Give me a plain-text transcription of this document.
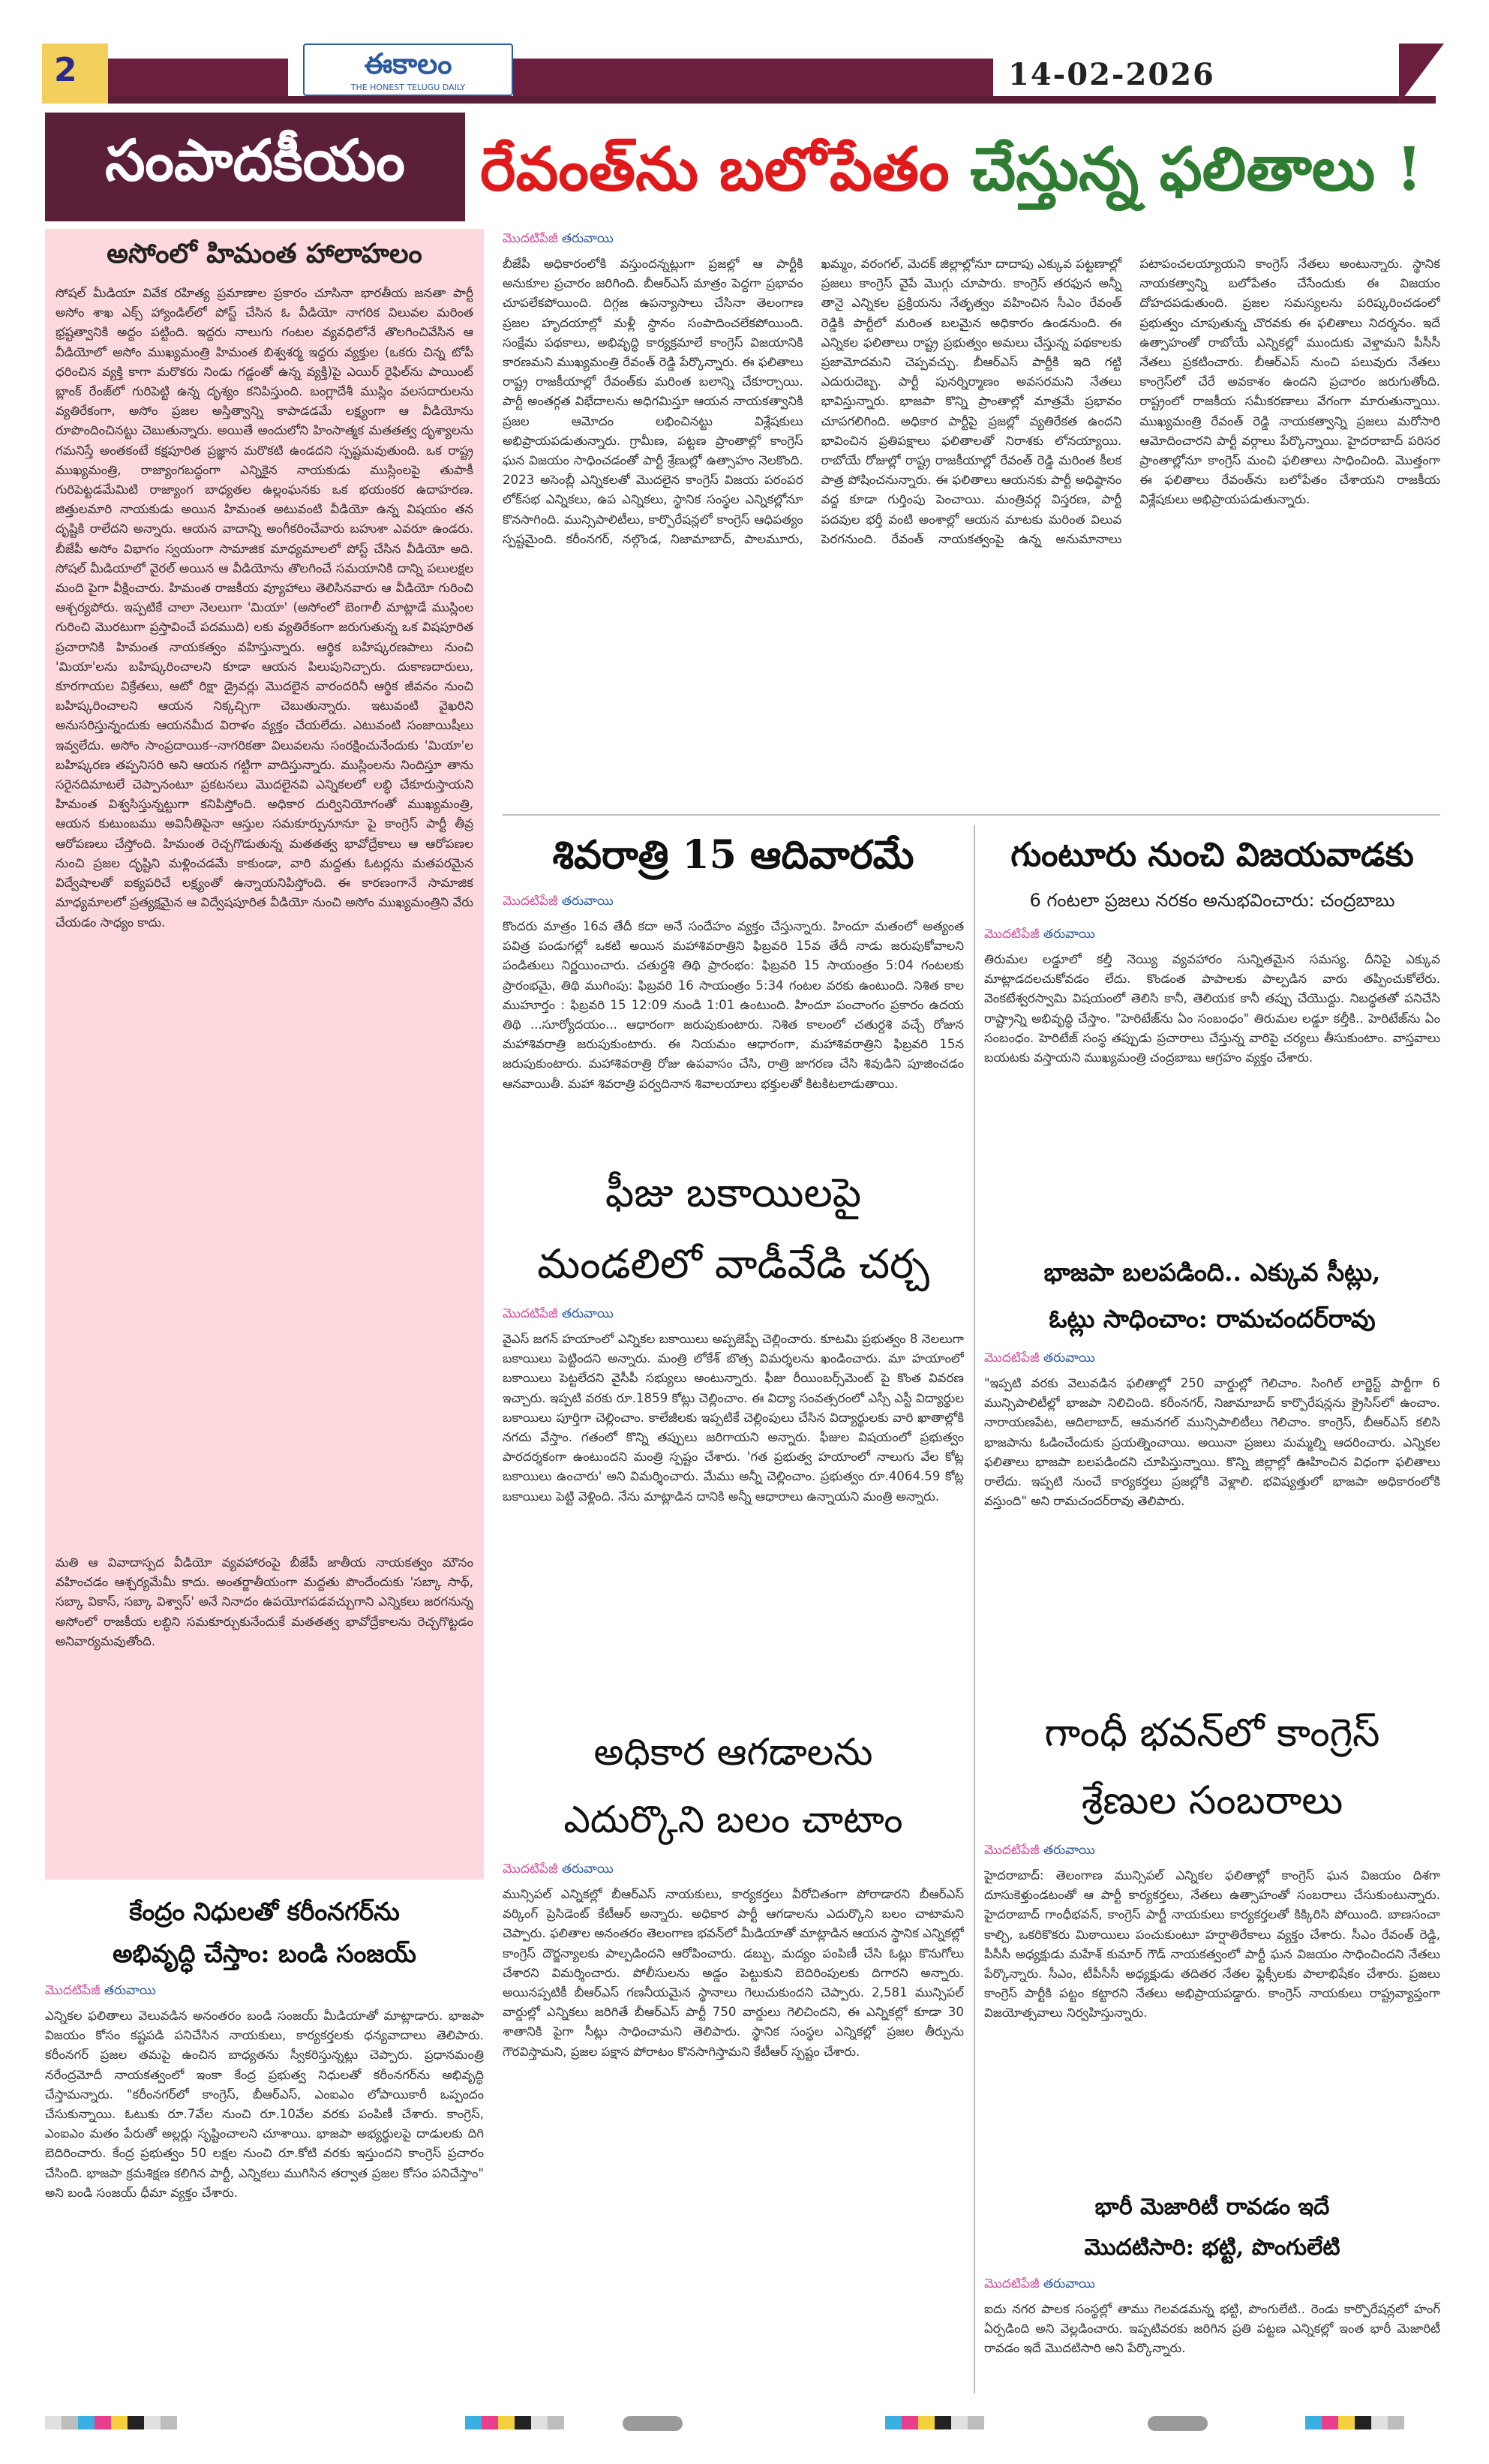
2	ఈకాలం
THE HONEST TELUGU DAILY	14-02-2026
సంపాదకీయం రేవంత్‌ను బలోపేతం చేస్తున్న ఫలితాలు !
అసోంలో హిమంత హాలాహలం
సోషల్ మీడియా వివేక రహిత్య ప్రమాణాల ప్రకారం చూసినా భారతీయ జనతా పార్టీ అసోం శాఖ ఎక్స్ హ్యాండిల్‌లో పోస్ట్ చేసిన ఓ వీడియో నాగరిక విలువల మరింత భ్రష్టత్వానికి అద్దం పట్టింది. ఇద్దరు నాలుగు గంటల వ్యవధిలోనే తొలగించివేసిన ఆ వీడియోలో అసోం ముఖ్యమంత్రి హిమంత బిశ్వశర్మ ఇద్దరు వ్యక్తుల (ఒకరు చిన్న టోపీ ధరించిన వ్యక్తి కాగా మరొకరు నిండు గడ్డంతో ఉన్న వ్యక్తి)పై ఎయిర్ రైఫిల్‌ను పాయింట్ బ్లాంక్ రేంజ్‌లో గురిపెట్టి ఉన్న దృశ్యం కనిపిస్తుంది. బంగ్లాదేశీ ముస్లిం వలసదారులను వ్యతిరేకంగా, అసోం ప్రజల అస్తిత్వాన్ని కాపాడడమే లక్ష్యంగా ఆ వీడియోను రూపొందించినట్టు చెబుతున్నారు. అయితే అందులోని హింసాత్మక మతతత్వ దృశ్యాలను గమనిస్తే అంతకంటే కక్షపూరిత ప్రజ్ఞాన మరొకటి ఉండదని స్పష్టమవుతుంది. ఒక రాష్ట్ర ముఖ్యమంత్రి, రాజ్యాంగబద్ధంగా ఎన్నికైన నాయకుడు ముస్లింలపై తుపాకీ గురిపెట్టడమేమిటి రాజ్యాంగ బాధ్యతల ఉల్లంఘనకు ఒక భయంకర ఉదాహరణ. జిత్తులమారి నాయకుడు అయిన హిమంత అటువంటి వీడియో ఉన్న విషయం తన దృష్టికి రాలేదని అన్నారు. ఆయన వాదాన్ని అంగీకరించేవారు బహుశా ఎవరూ ఉండరు. బీజేపీ అసోం విభాగం స్వయంగా సామాజిక మాధ్యమాలలో పోస్ట్ చేసిన వీడియో అది. సోషల్ మీడియాలో వైరల్ అయిన ఆ వీడియోను తొలగించే సమయానికి దాన్ని పలులక్షల మంది పైగా వీక్షించారు. హిమంత రాజకీయ వ్యూహాలు తెలిసినవారు ఆ వీడియో గురించి ఆశ్చర్యపోరు. ఇప్పటికే చాలా నెలలుగా 'మియా' (అసోంలో బెంగాలీ మాట్లాడే ముస్లింల గురించి మొరటుగా ప్రస్తావించే పదముది) లకు వ్యతిరేకంగా జరుగుతున్న ఒక విషపూరిత ప్రచారానికి హిమంత నాయకత్వం వహిస్తున్నారు. ఆర్థిక బహిష్కరణపాలు నుంచి 'మియా'లను బహిష్కరించాలని కూడా ఆయన పిలుపునిచ్చారు. దుకాణదారులు, కూరగాయల విక్రేతలు, ఆటో రిక్షా డ్రైవర్లు మొదలైన వారందరినీ ఆర్థిక జీవనం నుంచి బహిష్కరించాలని ఆయన నిక్కచ్చిగా చెబుతున్నారు. ఇటువంటి వైఖరిని అనుసరిస్తున్నందుకు ఆయనమీద విరాళం వ్యక్తం చేయలేదు. ఎటువంటి సంజాయిషీలు ఇవ్వలేదు. అసోం సాంప్రదాయిక--నాగరికతా విలువలను సంరక్షించునేందుకు 'మియా'ల బహిష్కరణ తప్పనిసరి అని ఆయన గట్టిగా వాదిస్తున్నారు. ముస్లింలను నిందిస్తూ తాను సరైనదిమాటలే చెప్పానంటూ ప్రకటనలు మొదలైనవి ఎన్నికలలో లబ్ధి చేకూరుస్తాయని హిమంత విశ్వసిస్తున్నట్టుగా కనిపిస్తోంది. అధికార దుర్వినియోగంతో ముఖ్యమంత్రి, ఆయన కుటుంబము అవినీతిపైనా ఆస్తుల సమకూర్పునూనూ పై కాంగ్రెస్ పార్టీ తీవ్ర ఆరోపణలు చేస్తోంది. హిమంత రెచ్చగొడుతున్న మతతత్వ భావోద్రేకాలు ఆ ఆరోపణల నుంచి ప్రజల దృష్టిని మళ్లించడమే కాకుండా, వారి మద్దతు ఓటర్లను మతపరమైన విద్వేషాలతో ఐక్యపరిచే లక్ష్యంతో ఉన్నాయనిపిస్తోంది. ఈ కారణంగానే సామాజిక మాధ్యమాలలో ప్రత్యక్షమైన ఆ విద్వేషపూరిత వీడియో నుంచి అసోం ముఖ్యమంత్రిని వేరు చేయడం సాధ్యం కాదు.
మతి ఆ వివాదాస్పద వీడియో వ్యవహారంపై బీజేపీ జాతీయ నాయకత్వం మౌనం వహించడం ఆశ్చర్యమేమీ కాదు. అంతర్జాతీయంగా మద్దతు పొందేందుకు 'సబ్కా సాథ్, సబ్కా వికాస్, సబ్కా విశ్వాస్' అనే నినాదం ఉపయోగపడవచ్చుగాని ఎన్నికలు జరగనున్న అసోంలో రాజకీయ లబ్ధిని సమకూర్చుకునేందుకే మతతత్వ భావోద్రేకాలను రెచ్చగొట్టడం అనివార్యమవుతోంది.
కేంద్రం నిధులతో కరీంనగర్‌ను
అభివృద్ధి చేస్తాం: బండి సంజయ్
మొదటిపేజీ తరువాయి
ఎన్నికల ఫలితాలు వెలువడిన అనంతరం బండి సంజయ్ మీడియాతో మాట్లాడారు. భాజపా విజయం కోసం కష్టపడి పనిచేసిన నాయకులు, కార్యకర్తలకు ధన్యవాదాలు తెలిపారు. కరీంనగర్ ప్రజల తమపై ఉంచిన బాధ్యతను స్వీకరిస్తున్నట్లు చెప్పారు. ప్రధానమంత్రి నరేంద్రమోదీ నాయకత్వంలో ఇంకా కేంద్ర ప్రభుత్వ నిధులతో కరీంనగర్‌ను అభివృద్ధి చేస్తామన్నారు. "కరీంనగర్‌లో కాంగ్రెస్, బీఆర్ఎస్, ఎంఐఎం లోపాయికారీ ఒప్పందం చేసుకున్నాయి. ఓటుకు రూ.7వేల నుంచి రూ.10వేల వరకు పంపిణీ చేశారు. కాంగ్రెస్, ఎంఐఎం మతం పేరుతో అల్లర్లు సృష్టించాలని చూశాయి. భాజపా అభ్యర్థులపై దాడులకు దిగి బెదిరించారు. కేంద్ర ప్రభుత్వం 50 లక్షల నుంచి రూ.కోటి వరకు ఇస్తుందని కాంగ్రెస్ ప్రచారం చేసింది. భాజపా క్రమశిక్షణ కలిగిన పార్టీ, ఎన్నికలు ముగిసిన తర్వాత ప్రజల కోసం పనిచేస్తాం" అని బండి సంజయ్ ధీమా వ్యక్తం చేశారు.
మొదటిపేజీ తరువాయి
బీజేపీ అధికారంలోకి వస్తుందన్నట్లుగా ప్రజల్లో ఆ పార్టీకి అనుకూల ప్రచారం జరిగింది. బీఆర్ఎస్ మాత్రం పెద్దగా ప్రభావం చూపలేకపోయింది. దిగ్గజ ఉపన్యాసాలు చేసినా తెలంగాణ ప్రజల హృదయాల్లో మళ్లీ స్థానం సంపాదించలేకపోయింది. సంక్షేమ పథకాలు, అభివృద్ధి కార్యక్రమాలే కాంగ్రెస్ విజయానికి కారణమని ముఖ్యమంత్రి రేవంత్ రెడ్డి పేర్కొన్నారు. ఈ ఫలితాలు రాష్ట్ర రాజకీయాల్లో రేవంత్‌కు మరింత బలాన్ని చేకూర్చాయి. పార్టీ అంతర్గత విభేదాలను అధిగమిస్తూ ఆయన నాయకత్వానికి ప్రజల ఆమోదం లభించినట్టు విశ్లేషకులు అభిప్రాయపడుతున్నారు. గ్రామీణ, పట్టణ ప్రాంతాల్లో కాంగ్రెస్ ఘన విజయం సాధించడంతో పార్టీ శ్రేణుల్లో ఉత్సాహం నెలకొంది. 2023 అసెంబ్లీ ఎన్నికలతో మొదలైన కాంగ్రెస్ విజయ పరంపర లోక్‌సభ ఎన్నికలు, ఉప ఎన్నికలు, స్థానిక సంస్థల ఎన్నికల్లోనూ కొనసాగింది. మున్సిపాలిటీలు, కార్పొరేషన్లలో కాంగ్రెస్ ఆధిపత్యం స్పష్టమైంది. కరీంనగర్, నల్గొండ, నిజామాబాద్, పాలమూరు, ఖమ్మం, వరంగల్, మెదక్ జిల్లాల్లోనూ దాదాపు ఎక్కువ పట్టణాల్లో ప్రజలు కాంగ్రెస్ వైపే మొగ్గు చూపారు. కాంగ్రెస్ తరఫున అన్నీ తానై ఎన్నికల ప్రక్రియను నేతృత్వం వహించిన సీఎం రేవంత్ రెడ్డికి పార్టీలో మరింత బలమైన అధికారం ఉండనుంది. ఈ ఎన్నికల ఫలితాలు రాష్ట్ర ప్రభుత్వం అమలు చేస్తున్న పథకాలకు ప్రజామోదమని చెప్పవచ్చు. బీఆర్ఎస్ పార్టీకి ఇది గట్టి ఎదురుదెబ్బ. పార్టీ పునర్నిర్మాణం అవసరమని నేతలు భావిస్తున్నారు. భాజపా కొన్ని ప్రాంతాల్లో మాత్రమే ప్రభావం చూపగలిగింది. అధికార పార్టీపై ప్రజల్లో వ్యతిరేకత ఉందని భావించిన ప్రతిపక్షాలు ఫలితాలతో నిరాశకు లోనయ్యాయి. రాబోయే రోజుల్లో రాష్ట్ర రాజకీయాల్లో రేవంత్ రెడ్డి మరింత కీలక పాత్ర పోషించనున్నారు. ఈ ఫలితాలు ఆయనకు పార్టీ అధిష్ఠానం వద్ద కూడా గుర్తింపు పెంచాయి. మంత్రివర్గ విస్తరణ, పార్టీ పదవుల భర్తీ వంటి అంశాల్లో ఆయన మాటకు మరింత విలువ పెరగనుంది. రేవంత్ నాయకత్వంపై ఉన్న అనుమానాలు పటాపంచలయ్యాయని కాంగ్రెస్ నేతలు అంటున్నారు. స్థానిక నాయకత్వాన్ని బలోపేతం చేసేందుకు ఈ విజయం దోహదపడుతుంది. ప్రజల సమస్యలను పరిష్కరించడంలో ప్రభుత్వం చూపుతున్న చొరవకు ఈ ఫలితాలు నిదర్శనం. ఇదే ఉత్సాహంతో రాబోయే ఎన్నికల్లో ముందుకు వెళ్తామని పీసీసీ నేతలు ప్రకటించారు. బీఆర్ఎస్ నుంచి పలువురు నేతలు కాంగ్రెస్‌లో చేరే అవకాశం ఉందని ప్రచారం జరుగుతోంది. రాష్ట్రంలో రాజకీయ సమీకరణాలు వేగంగా మారుతున్నాయి. ముఖ్యమంత్రి రేవంత్ రెడ్డి నాయకత్వాన్ని ప్రజలు మరోసారి ఆమోదించారని పార్టీ వర్గాలు పేర్కొన్నాయి. హైదరాబాద్ పరిసర ప్రాంతాల్లోనూ కాంగ్రెస్ మంచి ఫలితాలు సాధించింది. మొత్తంగా ఈ ఫలితాలు రేవంత్‌ను బలోపేతం చేశాయని రాజకీయ విశ్లేషకులు అభిప్రాయపడుతున్నారు.
శివరాత్రి 15 ఆదివారమే
మొదటిపేజీ తరువాయి
కొందరు మాత్రం 16వ తేదీ కదా అనే సందేహం వ్యక్తం చేస్తున్నారు. హిందూ మతంలో అత్యంత పవిత్ర పండుగల్లో ఒకటి అయిన మహాశివరాత్రిని ఫిబ్రవరి 15వ తేదీ నాడు జరుపుకోవాలని పండితులు నిర్ణయించారు. చతుర్దశి తిథి ప్రారంభం: ఫిబ్రవరి 15 సాయంత్రం 5:04 గంటలకు ప్రారంభమై, తిథి ముగింపు: ఫిబ్రవరి 16 సాయంత్రం 5:34 గంటల వరకు ఉంటుంది. నిశిత కాల ముహూర్తం : ఫిబ్రవరి 15 12:09 నుండి 1:01 ఉంటుంది. హిందూ పంచాంగం ప్రకారం ఉదయ తిథి ...సూర్యోదయం... ఆధారంగా జరుపుకుంటారు. నిశిత కాలంలో చతుర్దశి వచ్చే రోజున మహాశివరాత్రి జరుపుకుంటారు. ఈ నియమం ఆధారంగా, మహాశివరాత్రిని ఫిబ్రవరి 15న జరుపుకుంటారు. మహాశివరాత్రి రోజు ఉపవాసం చేసి, రాత్రి జాగరణ చేసి శివుడిని పూజించడం ఆనవాయితీ. మహా శివరాత్రి పర్వదినాన శివాలయాలు భక్తులతో కిటకిటలాడుతాయి.
ఫీజు బకాయిలపై
మండలిలో వాడీవేడి చర్చ
మొదటిపేజీ తరువాయి
వైఎస్ జగన్ హయాంలో ఎన్నికల బకాయిలు అప్పజెప్పే చెల్లించారు. కూటమి ప్రభుత్వం 8 నెలలుగా బకాయిలు పెట్టిందని అన్నారు. మంత్రి లోకేశ్ బొత్స విమర్శలను ఖండించారు. మా హయాంలో బకాయిలు పెట్టలేదని వైసీపీ సభ్యులు అంటున్నారు. ఫీజు రీయింబర్స్‌మెంట్ పై కొంత వివరణ ఇచ్చారు. ఇప్పటి వరకు రూ.1859 కోట్లు చెల్లించాం. ఈ విద్యా సంవత్సరంలో ఎస్సీ ఎస్టీ విద్యార్థుల బకాయిలు పూర్తిగా చెల్లించాం. కాలేజీలకు ఇప్పటికే చెల్లింపులు చేసిన విద్యార్థులకు వారి ఖాతాల్లోకి నగదు వేస్తాం. గతంలో కొన్ని తప్పులు జరిగాయని అన్నారు. ఫీజుల విషయంలో ప్రభుత్వం పారదర్శకంగా ఉంటుందని మంత్రి స్పష్టం చేశారు. 'గత ప్రభుత్వ హయాంలో నాలుగు వేల కోట్ల బకాయిలు ఉంచారు' అని విమర్శించారు. మేము అన్నీ చెల్లించాం. ప్రభుత్వం రూ.4064.59 కోట్ల బకాయిలు పెట్టి వెళ్లింది. నేను మాట్లాడిన దానికి అన్నీ ఆధారాలు ఉన్నాయని మంత్రి అన్నారు.
అధికార ఆగడాలను
ఎదుర్కొని బలం చాటాం
మొదటిపేజీ తరువాయి
మున్సిపల్ ఎన్నికల్లో బీఆర్ఎస్ నాయకులు, కార్యకర్తలు వీరోచితంగా పోరాడారని బీఆర్ఎస్ వర్కింగ్ ప్రెసిడెంట్ కేటీఆర్ అన్నారు. అధికార పార్టీ ఆగడాలను ఎదుర్కొని బలం చాటామని చెప్పారు. ఫలితాల అనంతరం తెలంగాణ భవన్‌లో మీడియాతో మాట్లాడిన ఆయన స్థానిక ఎన్నికల్లో కాంగ్రెస్ దౌర్జన్యాలకు పాల్పడిందని ఆరోపించారు. డబ్బు, మద్యం పంపిణీ చేసి ఓట్లు కొనుగోలు చేశారని విమర్శించారు. పోలీసులను అడ్డం పెట్టుకుని బెదిరింపులకు దిగారని అన్నారు. అయినప్పటికీ బీఆర్ఎస్ గణనీయమైన స్థానాలు గెలుచుకుందని చెప్పారు. 2,581 మున్సిపల్ వార్డుల్లో ఎన్నికలు జరిగితే బీఆర్ఎస్ పార్టీ 750 వార్డులు గెలిచిందని, ఈ ఎన్నికల్లో కూడా 30 శాతానికి పైగా సీట్లు సాధించామని తెలిపారు. స్థానిక సంస్థల ఎన్నికల్లో ప్రజల తీర్పును గౌరవిస్తామని, ప్రజల పక్షాన పోరాటం కొనసాగిస్తామని కేటీఆర్ స్పష్టం చేశారు.
గుంటూరు నుంచి విజయవాడకు
6 గంటలా ప్రజలు నరకం అనుభవించారు: చంద్రబాబు
మొదటిపేజీ తరువాయి
తిరుమల లడ్డూలో కల్తీ నెయ్యి వ్యవహారం సున్నితమైన సమస్య. దీనిపై ఎక్కువ మాట్లాడదలచుకోవడం లేదు. కొండంత పాపాలకు పాల్పడిన వారు తప్పించుకోలేరు. వెంకటేశ్వరస్వామి విషయంలో తెలిసి కానీ, తెలియక కానీ తప్పు చేయొద్దు. నిబద్ధతతో పనిచేసి రాష్ట్రాన్ని అభివృద్ధి చేస్తాం. "హెరిటేజ్‌ను ఏం సంబంధం" తిరుమల లడ్డూ కల్తీకి.. హెరిటేజ్‌ను ఏం సంబంధం. హెరిటేజ్ సంస్థ తప్పుడు ప్రచారాలు చేస్తున్న వారిపై చర్యలు తీసుకుంటాం. వాస్తవాలు బయటకు వస్తాయని ముఖ్యమంత్రి చంద్రబాబు ఆగ్రహం వ్యక్తం చేశారు.
భాజపా బలపడింది.. ఎక్కువ సీట్లు,
ఓట్లు సాధించాం: రామచందర్‌రావు
మొదటిపేజీ తరువాయి
"ఇప్పటి వరకు వెలువడిన ఫలితాల్లో 250 వార్డుల్లో గెలిచాం. సింగిల్ లార్జెస్ట్ పార్టీగా 6 మున్సిపాలిటీల్లో భాజపా నిలిచింది. కరీంనగర్, నిజామాబాద్ కార్పొరేషన్లను క్రైసిస్‌లో ఉంచాం. నారాయణపేట, ఆదిలాబాద్, ఆమనగల్ మున్సిపాలిటీలు గెలిచాం. కాంగ్రెస్, బీఆర్ఎస్ కలిసి భాజపాను ఓడించేందుకు ప్రయత్నించాయి. అయినా ప్రజలు మమ్మల్ని ఆదరించారు. ఎన్నికల ఫలితాలు భాజపా బలపడిందని చూపిస్తున్నాయి. కొన్ని జిల్లాల్లో ఊహించిన విధంగా ఫలితాలు రాలేదు. ఇప్పటి నుంచే కార్యకర్తలు ప్రజల్లోకి వెళ్లాలి. భవిష్యత్తులో భాజపా అధికారంలోకి వస్తుంది" అని రామచందర్‌రావు తెలిపారు.
గాంధీ భవన్‌లో కాంగ్రెస్
శ్రేణుల సంబరాలు
మొదటిపేజీ తరువాయి
హైదరాబాద్: తెలంగాణ మున్సిపల్ ఎన్నికల ఫలితాల్లో కాంగ్రెస్ ఘన విజయం దిశగా దూసుకెళ్తుండటంతో ఆ పార్టీ కార్యకర్తలు, నేతలు ఉత్సాహంతో సంబరాలు చేసుకుంటున్నారు. హైదరాబాద్ గాంధీభవన్, కాంగ్రెస్ పార్టీ నాయకులు కార్యకర్తలతో కిక్కిరిసి పోయింది. బాణసంచా కాల్చి, ఒకరికొకరు మిఠాయిలు పంచుకుంటూ హర్షాతిరేకాలు వ్యక్తం చేశారు. సీఎం రేవంత్ రెడ్డి, పీసీసీ అధ్యక్షుడు మహేశ్ కుమార్ గౌడ్ నాయకత్వంలో పార్టీ ఘన విజయం సాధించిందని నేతలు పేర్కొన్నారు. సీఎం, టీపీసీసీ అధ్యక్షుడు తదితర నేతల ఫ్లెక్సీలకు పాలాభిషేకం చేశారు. ప్రజలు కాంగ్రెస్ పార్టీకి పట్టం కట్టారని నేతలు అభిప్రాయపడ్డారు. కాంగ్రెస్ నాయకులు రాష్ట్రవ్యాప్తంగా విజయోత్సవాలు నిర్వహిస్తున్నారు.
భారీ మెజారిటీ రావడం ఇదే
మొదటిసారి: భట్టి, పొంగులేటి
మొదటిపేజీ తరువాయి
ఐదు నగర పాలక సంస్థల్లో తాము గెలవడమన్న భట్టి, పొంగులేటి.. రెండు కార్పొరేషన్లలో హంగ్ ఏర్పడింది అని వెల్లడించారు. ఇప్పటివరకు జరిగిన ప్రతి పట్టణ ఎన్నికల్లో ఇంత భారీ మెజారిటీ రావడం ఇదే మొదటిసారి అని పేర్కొన్నారు.
